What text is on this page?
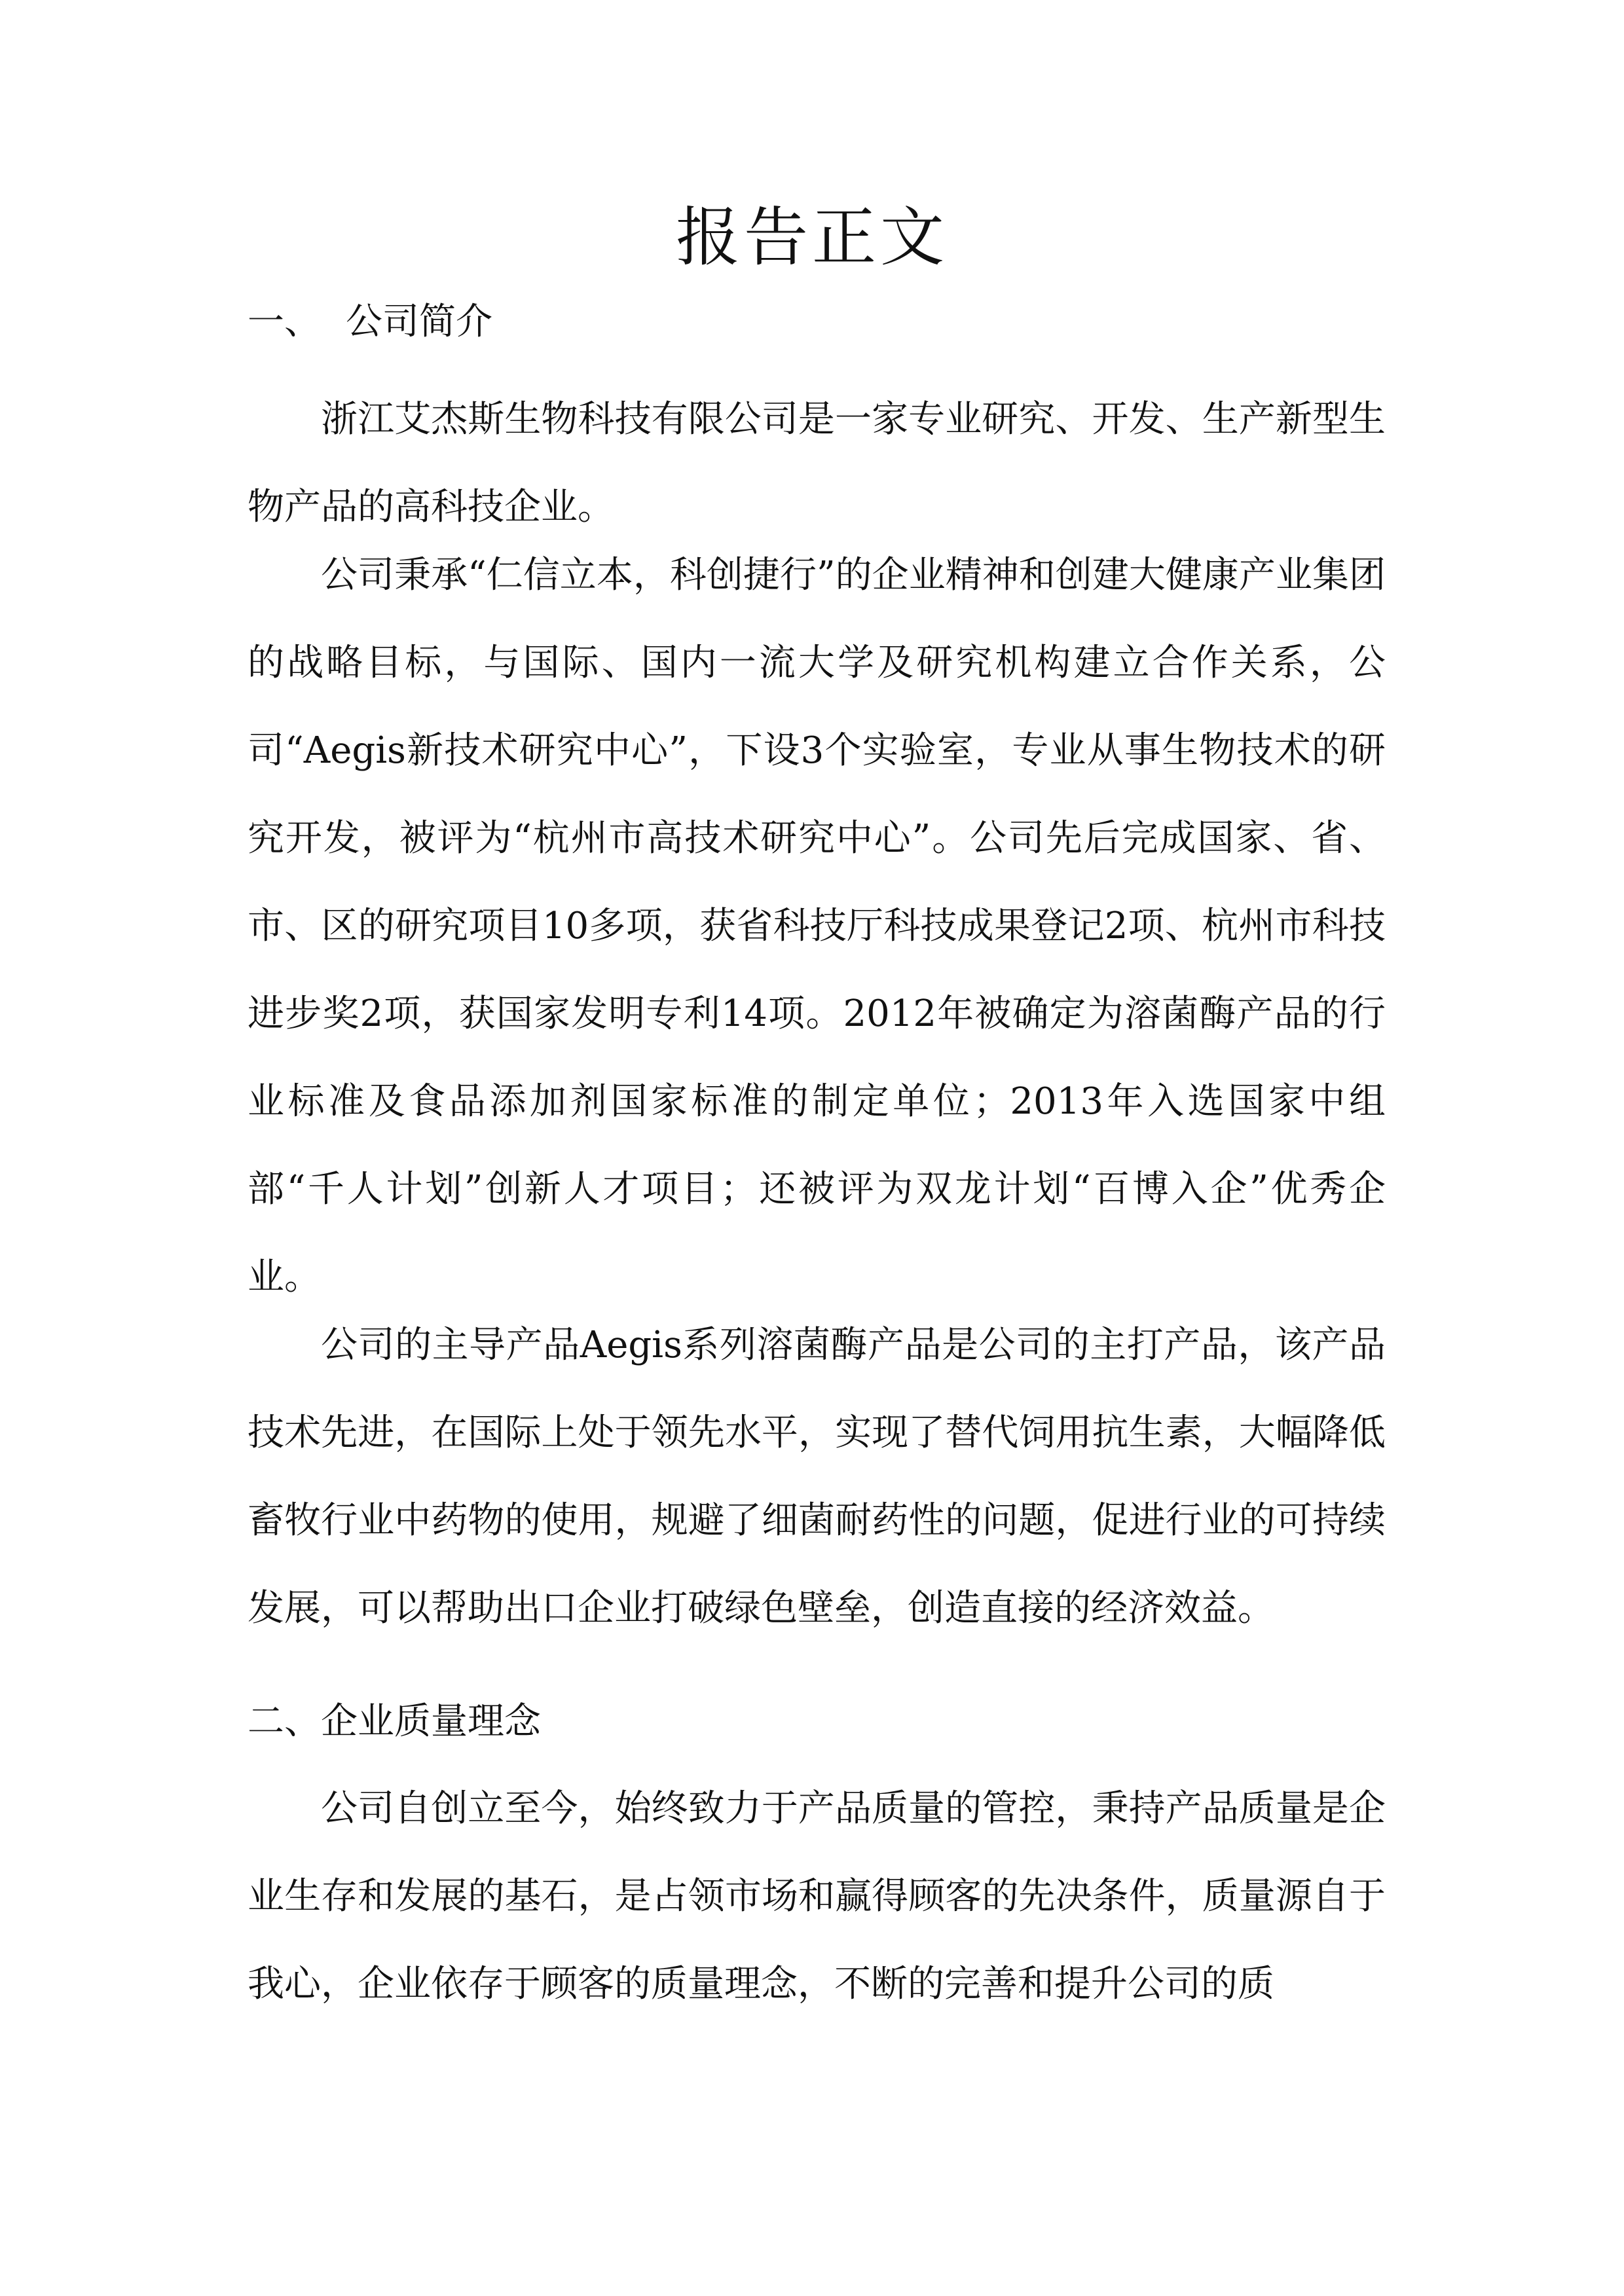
报告正文
一、 公司简介

浙江艾杰斯生物科技有限公司是一家专业研究、开发、生产新型生物产品的高科技企业。

公司秉承“仁信立本，科创捷行”的企业精神和创建大健康产业集团的战略目标，与国际、国内一流大学及研究机构建立合作关系，公司“Aegis新技术研究中心”，下设3个实验室，专业从事生物技术的研究开发，被评为“杭州市高技术研究中心”。公司先后完成国家、省、市、区的研究项目10多项，获省科技厅科技成果登记2项、杭州市科技进步奖2项，获国家发明专利14项。2012年被确定为溶菌酶产品的行业标准及食品添加剂国家标准的制定单位；2013年入选国家中组部“千人计划”创新人才项目；还被评为双龙计划“百博入企”优秀企业。

公司的主导产品Aegis系列溶菌酶产品是公司的主打产品，该产品技术先进，在国际上处于领先水平，实现了替代饲用抗生素，大幅降低畜牧行业中药物的使用，规避了细菌耐药性的问题，促进行业的可持续发展，可以帮助出口企业打破绿色壁垒，创造直接的经济效益。

二、企业质量理念

公司自创立至今，始终致力于产品质量的管控，秉持产品质量是企业生存和发展的基石，是占领市场和赢得顾客的先决条件，质量源自于我心，企业依存于顾客的质量理念，不断的完善和提升公司的质
